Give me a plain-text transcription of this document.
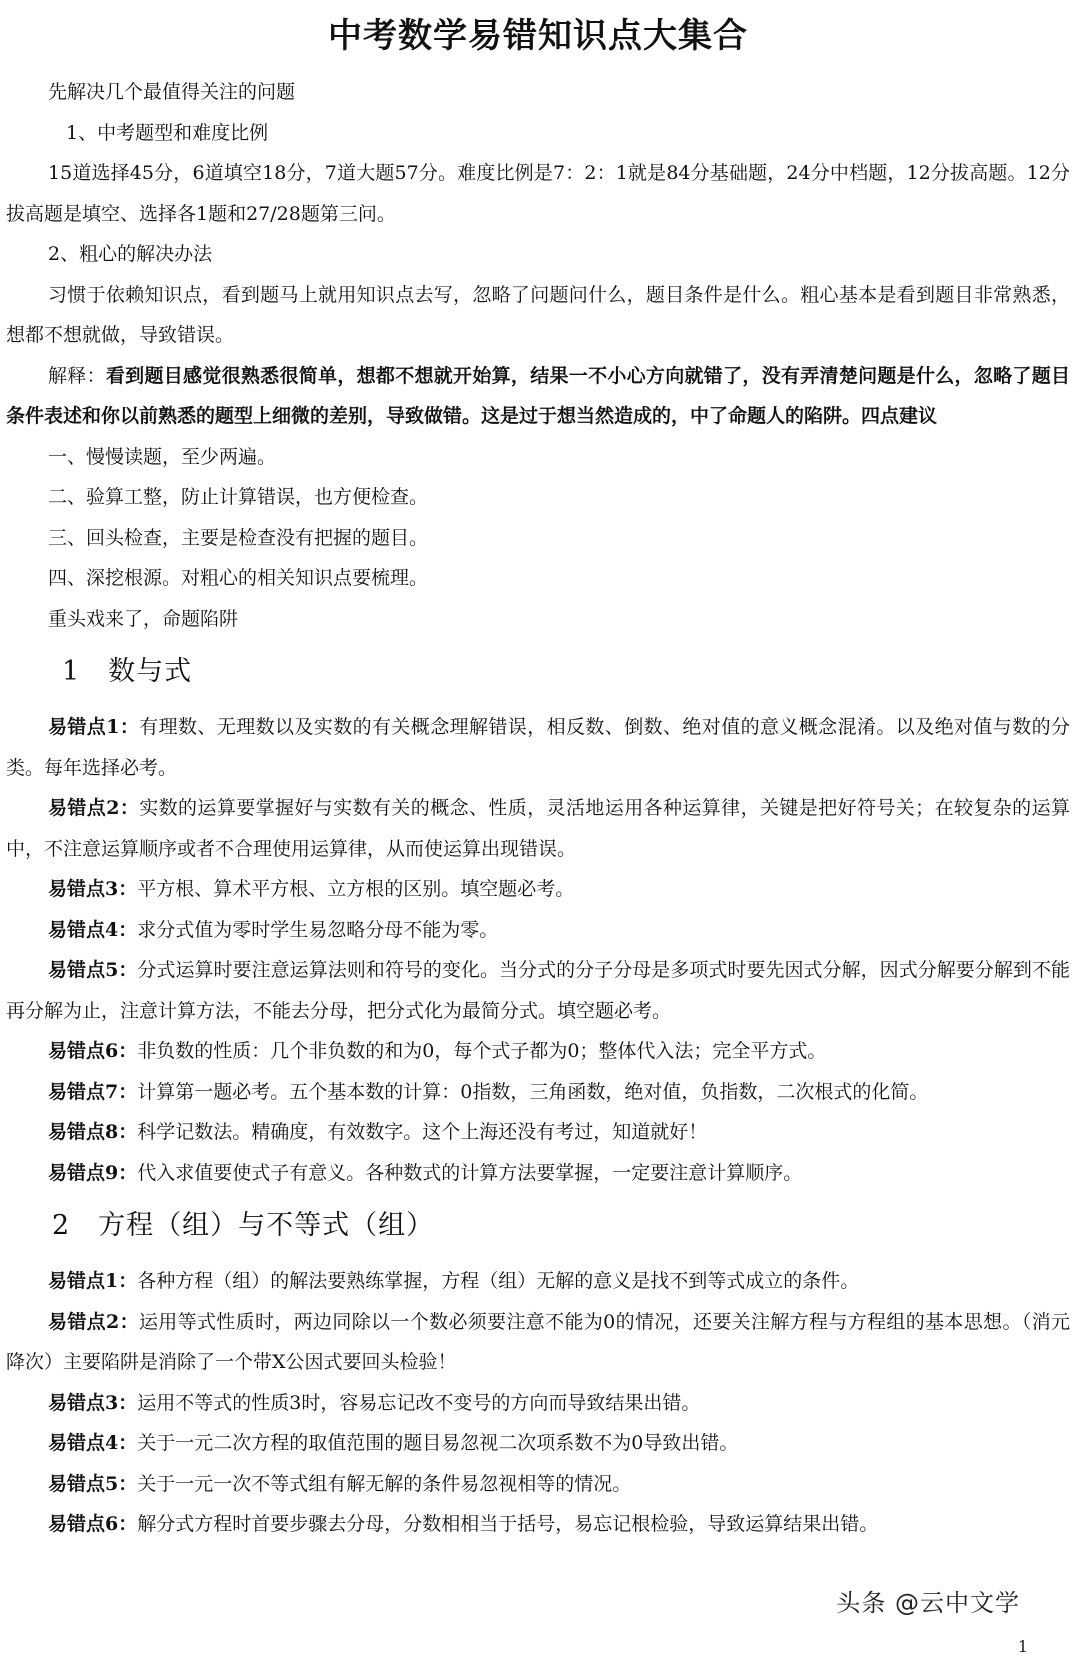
中考数学易错知识点大集合

先解决几个最值得关注的问题

1、中考题型和难度比例

15道选择45分，6道填空18分，7道大题57分。难度比例是7：2：1就是84分基础题，24分中档题，12分拔高题。12分拔高题是填空、选择各1题和27/28题第三问。

2、粗心的解决办法

习惯于依赖知识点，看到题马上就用知识点去写，忽略了问题问什么，题目条件是什么。粗心基本是看到题目非常熟悉，想都不想就做，导致错误。

解释：看到题目感觉很熟悉很简单，想都不想就开始算，结果一不小心方向就错了，没有弄清楚问题是什么，忽略了题目条件表述和你以前熟悉的题型上细微的差别，导致做错。这是过于想当然造成的，中了命题人的陷阱。四点建议

一、慢慢读题，至少两遍。

二、验算工整，防止计算错误，也方便检查。

三、回头检查，主要是检查没有把握的题目。

四、深挖根源。对粗心的相关知识点要梳理。

重头戏来了，命题陷阱

1　数与式

易错点1：有理数、无理数以及实数的有关概念理解错误，相反数、倒数、绝对值的意义概念混淆。以及绝对值与数的分类。每年选择必考。

易错点2：实数的运算要掌握好与实数有关的概念、性质，灵活地运用各种运算律，关键是把好符号关；在较复杂的运算中，不注意运算顺序或者不合理使用运算律，从而使运算出现错误。

易错点3：平方根、算术平方根、立方根的区别。填空题必考。

易错点4：求分式值为零时学生易忽略分母不能为零。

易错点5：分式运算时要注意运算法则和符号的变化。当分式的分子分母是多项式时要先因式分解，因式分解要分解到不能再分解为止，注意计算方法，不能去分母，把分式化为最简分式。填空题必考。

易错点6：非负数的性质：几个非负数的和为0，每个式子都为0；整体代入法；完全平方式。

易错点7：计算第一题必考。五个基本数的计算：0指数，三角函数，绝对值，负指数，二次根式的化简。

易错点8：科学记数法。精确度，有效数字。这个上海还没有考过，知道就好！

易错点9：代入求值要使式子有意义。各种数式的计算方法要掌握，一定要注意计算顺序。

2　方程（组）与不等式（组）

易错点1：各种方程（组）的解法要熟练掌握，方程（组）无解的意义是找不到等式成立的条件。

易错点2：运用等式性质时，两边同除以一个数必须要注意不能为0的情况，还要关注解方程与方程组的基本思想。（消元降次）主要陷阱是消除了一个带X公因式要回头检验！

易错点3：运用不等式的性质3时，容易忘记改不变号的方向而导致结果出错。

易错点4：关于一元二次方程的取值范围的题目易忽视二次项系数不为0导致出错。

易错点5：关于一元一次不等式组有解无解的条件易忽视相等的情况。

易错点6：解分式方程时首要步骤去分母，分数相相当于括号，易忘记根检验，导致运算结果出错。

头条 @云中文学
1
